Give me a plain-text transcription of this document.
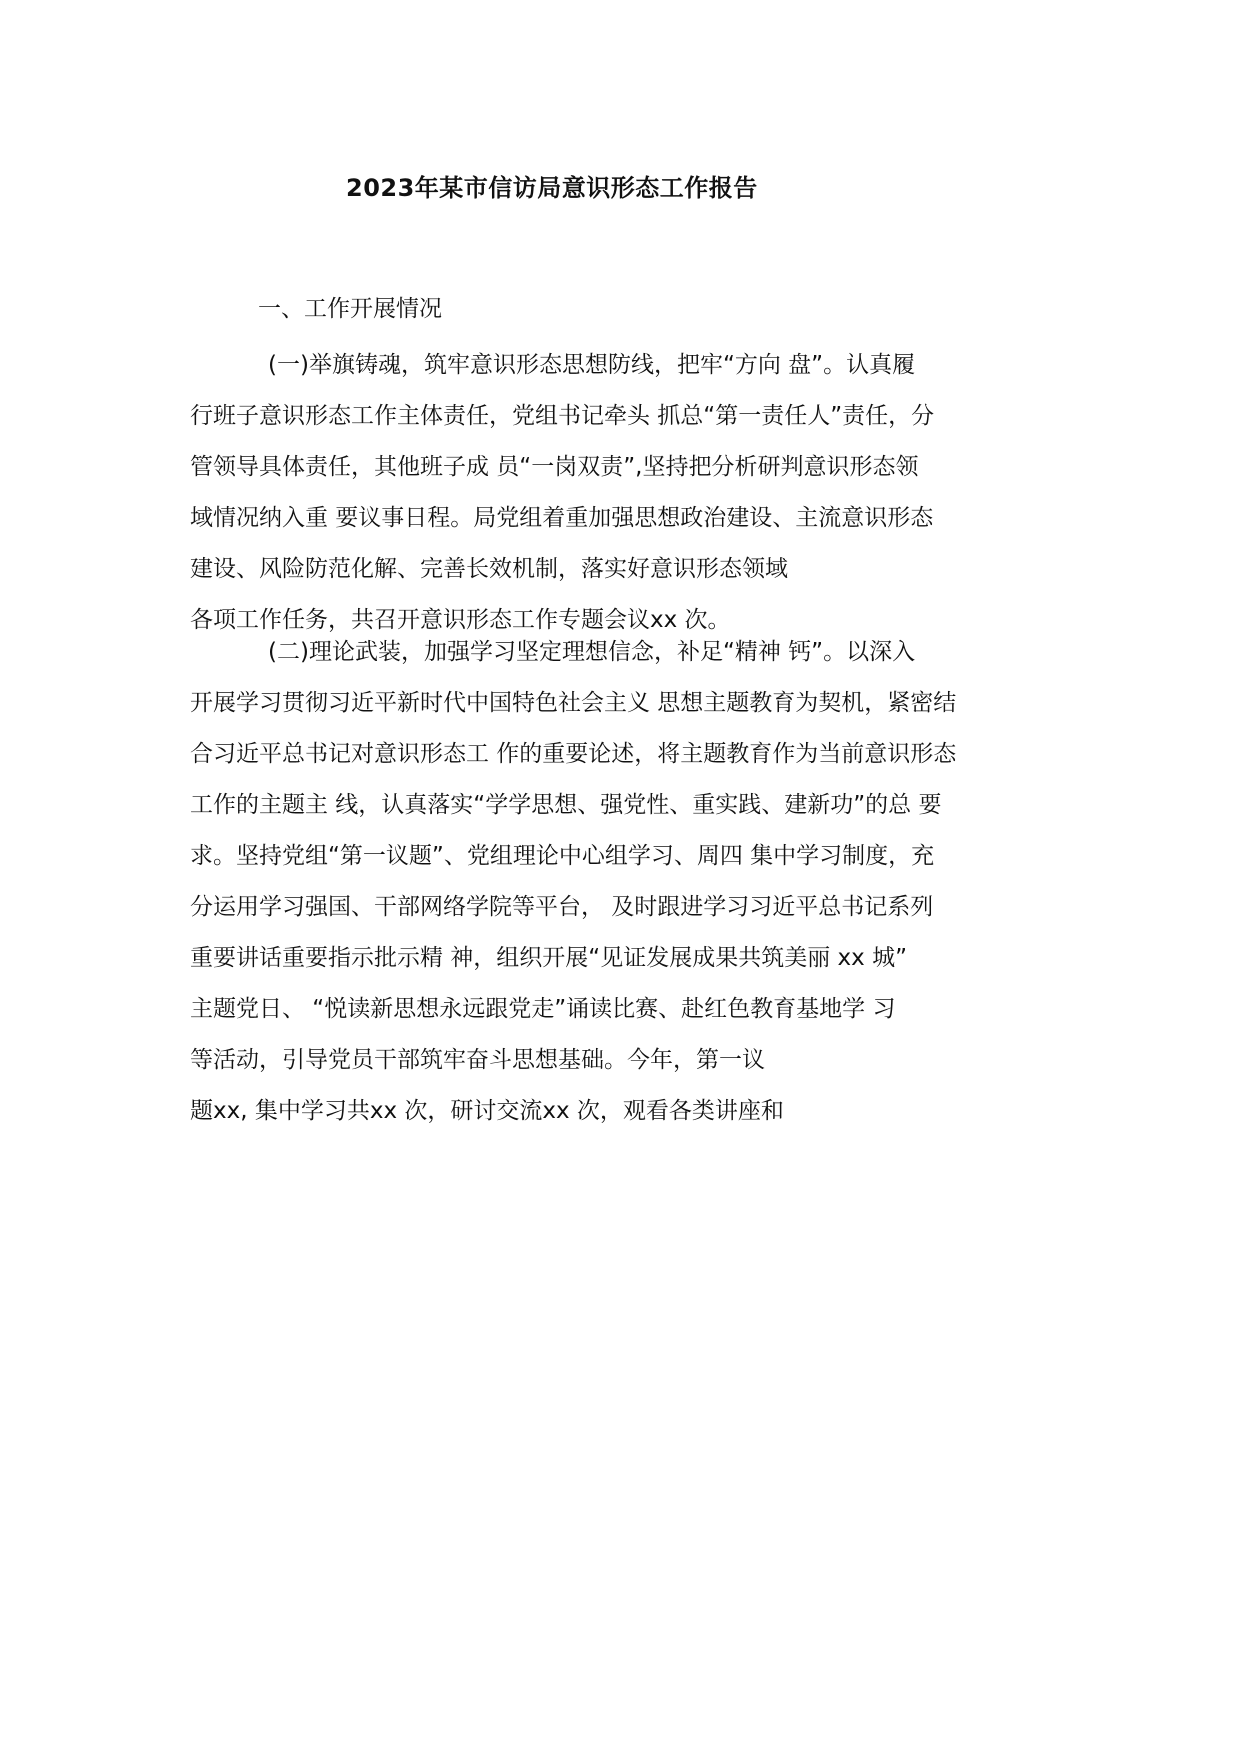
2023年某市信访局意识形态工作报告
一、工作开展情况
(一)举旗铸魂，筑牢意识形态思想防线，把牢“方向 盘”。认真履
行班子意识形态工作主体责任，党组书记牵头 抓总“第一责任人”责任，分
管领导具体责任，其他班子成 员“一岗双责”,坚持把分析研判意识形态领
域情况纳入重 要议事日程。局党组着重加强思想政治建设、主流意识形态
建设、风险防范化解、完善长效机制，落实好意识形态领域
各项工作任务，共召开意识形态工作专题会议xx 次。
(二)理论武装，加强学习坚定理想信念，补足“精神 钙”。以深入
开展学习贯彻习近平新时代中国特色社会主义 思想主题教育为契机，紧密结
合习近平总书记对意识形态工 作的重要论述，将主题教育作为当前意识形态
工作的主题主 线，认真落实“学学思想、强党性、重实践、建新功”的总 要
求。坚持党组“第一议题”、党组理论中心组学习、周四 集中学习制度，充
分运用学习强国、干部网络学院等平台， 及时跟进学习习近平总书记系列
重要讲话重要指示批示精 神，组织开展“见证发展成果共筑美丽 xx 城”
主题党日、 “悦读新思想永远跟党走”诵读比赛、赴红色教育基地学 习
等活动，引导党员干部筑牢奋斗思想基础。今年，第一议
题xx, 集中学习共xx 次，研讨交流xx 次，观看各类讲座和
